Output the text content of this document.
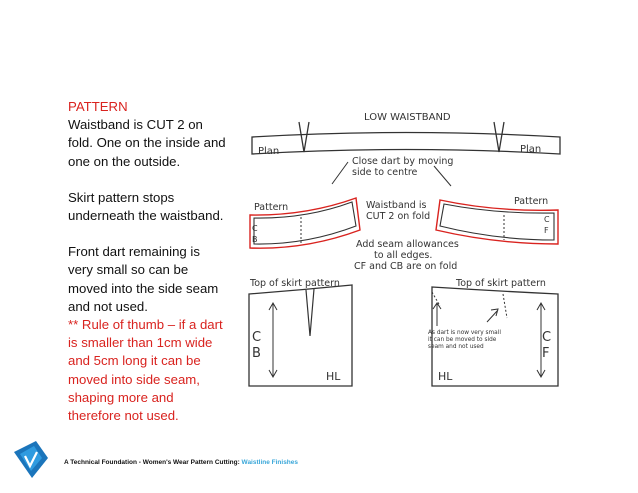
PATTERN

Waistband is CUT 2 on fold. One on the inside and one on the outside.

Skirt pattern stops underneath the waistband.

Front dart remaining is very small so can be moved into the side seam and not used.

** Rule of thumb – if a dart is smaller than 1cm wide and 5cm long it can be moved into side seam, shaping more and therefore not used.

LOW WAISTBAND
Plan	Plan
Close dart by moving
side to centre
Pattern
C
B
Pattern
C
F
Waistband is
CUT 2 on fold
Add seam allowances
to all edges.
CF and CB are on fold
Top of skirt pattern
C
B
HL
Top of skirt pattern
As dart is now very small
it can be moved to side
seam and not used
C
F
HL
A Technical Foundation - Women's Wear Pattern Cutting: Waistline Finishes
